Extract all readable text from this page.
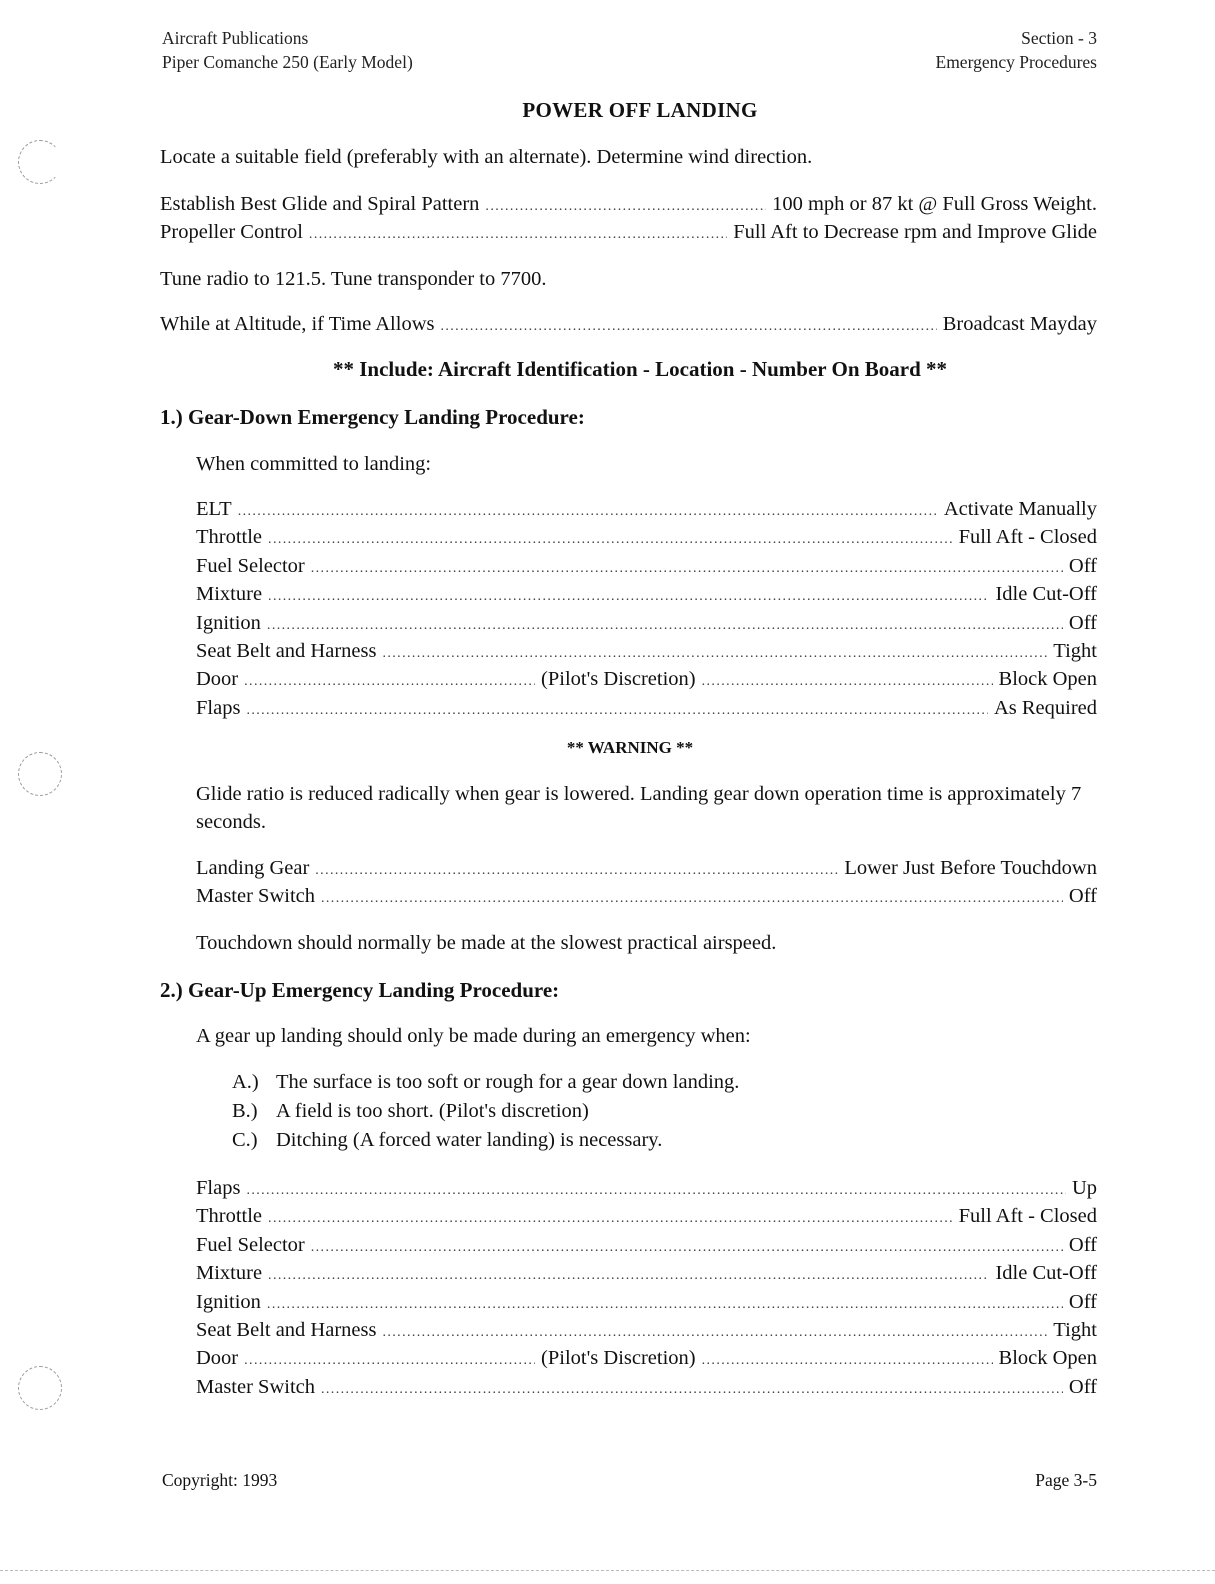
Aircraft Publications
Piper Comanche 250 (Early Model)
Section - 3
Emergency Procedures
POWER OFF LANDING
Locate a suitable field (preferably with an alternate). Determine wind direction.
Establish Best Glide and Spiral Pattern .....	100 mph or 87 kt @ Full Gross Weight.
Propeller Control .....	Full Aft to Decrease rpm and Improve Glide
Tune radio to 121.5. Tune transponder to 7700.
While at Altitude, if Time Allows .....	Broadcast Mayday
** Include: Aircraft Identification - Location - Number On Board **
1.) Gear-Down Emergency Landing Procedure:
When committed to landing:
ELT .....	Activate Manually
Throttle .....	Full Aft - Closed
Fuel Selector .....	Off
Mixture .....	Idle Cut-Off
Ignition .....	Off
Seat Belt and Harness .....	Tight
Door .....	(Pilot's Discretion) .....	Block Open
Flaps .....	As Required
** WARNING **
Glide ratio is reduced radically when gear is lowered. Landing gear down operation time is approximately 7 seconds.
Landing Gear .....	Lower Just Before Touchdown
Master Switch .....	Off
Touchdown should normally be made at the slowest practical airspeed.
2.) Gear-Up Emergency Landing Procedure:
A gear up landing should only be made during an emergency when:
A.) The surface is too soft or rough for a gear down landing.
B.) A field is too short. (Pilot's discretion)
C.) Ditching (A forced water landing) is necessary.
Flaps .....	Up
Throttle .....	Full Aft - Closed
Fuel Selector .....	Off
Mixture .....	Idle Cut-Off
Ignition .....	Off
Seat Belt and Harness .....	Tight
Door .....	(Pilot's Discretion) .....	Block Open
Master Switch .....	Off
Copyright: 1993	Page 3-5
